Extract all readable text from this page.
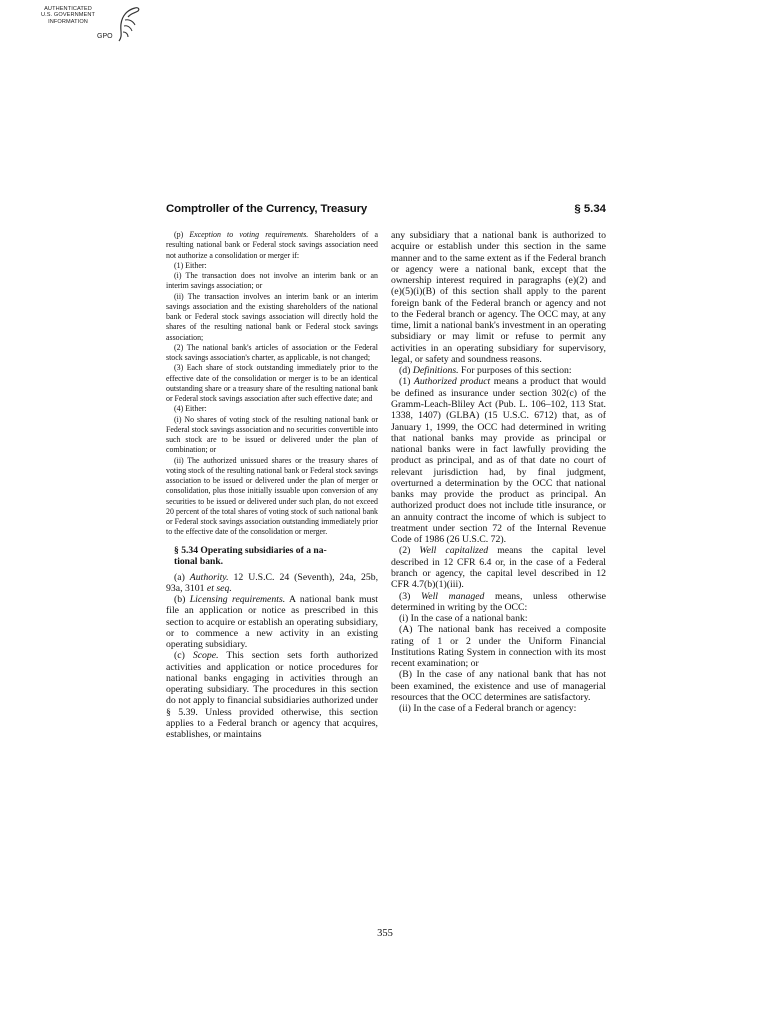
AUTHENTICATED
U.S. GOVERNMENT
INFORMATION
GPO
Comptroller of the Currency, Treasury	§ 5.34

(p) Exception to voting requirements. Shareholders of a resulting national bank or Federal stock savings association need not authorize a consolidation or merger if:

(1) Either:

(i) The transaction does not involve an interim bank or an interim savings association; or

(ii) The transaction involves an interim bank or an interim savings association and the existing shareholders of the national bank or Federal stock savings association will directly hold the shares of the resulting national bank or Federal stock savings association;

(2) The national bank's articles of association or the Federal stock savings association's charter, as applicable, is not changed;

(3) Each share of stock outstanding immediately prior to the effective date of the consolidation or merger is to be an identical outstanding share or a treasury share of the resulting national bank or Federal stock savings association after such effective date; and

(4) Either:

(i) No shares of voting stock of the resulting national bank or Federal stock savings association and no securities convertible into such stock are to be issued or delivered under the plan of combination; or

(ii) The authorized unissued shares or the treasury shares of voting stock of the resulting national bank or Federal stock savings association to be issued or delivered under the plan of merger or consolidation, plus those initially issuable upon conversion of any securities to be issued or delivered under such plan, do not exceed 20 percent of the total shares of voting stock of such national bank or Federal stock savings association outstanding immediately prior to the effective date of the consolidation or merger.

§ 5.34 Operating subsidiaries of a na-
tional bank.

(a) Authority. 12 U.S.C. 24 (Seventh), 24a, 25b, 93a, 3101 et seq.

(b) Licensing requirements. A national bank must file an application or notice as prescribed in this section to acquire or establish an operating subsidiary, or to commence a new activity in an existing operating subsidiary.

(c) Scope. This section sets forth authorized activities and application or notice procedures for national banks engaging in activities through an operating subsidiary. The procedures in this section do not apply to financial subsidiaries authorized under § 5.39. Unless provided otherwise, this section applies to a Federal branch or agency that acquires, establishes, or maintains

any subsidiary that a national bank is authorized to acquire or establish under this section in the same manner and to the same extent as if the Federal branch or agency were a national bank, except that the ownership interest required in paragraphs (e)(2) and (e)(5)(i)(B) of this section shall apply to the parent foreign bank of the Federal branch or agency and not to the Federal branch or agency. The OCC may, at any time, limit a national bank's investment in an operating subsidiary or may limit or refuse to permit any activities in an operating subsidiary for supervisory, legal, or safety and soundness reasons.

(d) Definitions. For purposes of this section:

(1) Authorized product means a product that would be defined as insurance under section 302(c) of the Gramm-Leach-Bliley Act (Pub. L. 106–102, 113 Stat. 1338, 1407) (GLBA) (15 U.S.C. 6712) that, as of January 1, 1999, the OCC had determined in writing that national banks may provide as principal or national banks were in fact lawfully providing the product as principal, and as of that date no court of relevant jurisdiction had, by final judgment, overturned a determination by the OCC that national banks may provide the product as principal. An authorized product does not include title insurance, or an annuity contract the income of which is subject to treatment under section 72 of the Internal Revenue Code of 1986 (26 U.S.C. 72).

(2) Well capitalized means the capital level described in 12 CFR 6.4 or, in the case of a Federal branch or agency, the capital level described in 12 CFR 4.7(b)(1)(iii).

(3) Well managed means, unless otherwise determined in writing by the OCC:

(i) In the case of a national bank:

(A) The national bank has received a composite rating of 1 or 2 under the Uniform Financial Institutions Rating System in connection with its most recent examination; or

(B) In the case of any national bank that has not been examined, the existence and use of managerial resources that the OCC determines are satisfactory.

(ii) In the case of a Federal branch or agency:

355
